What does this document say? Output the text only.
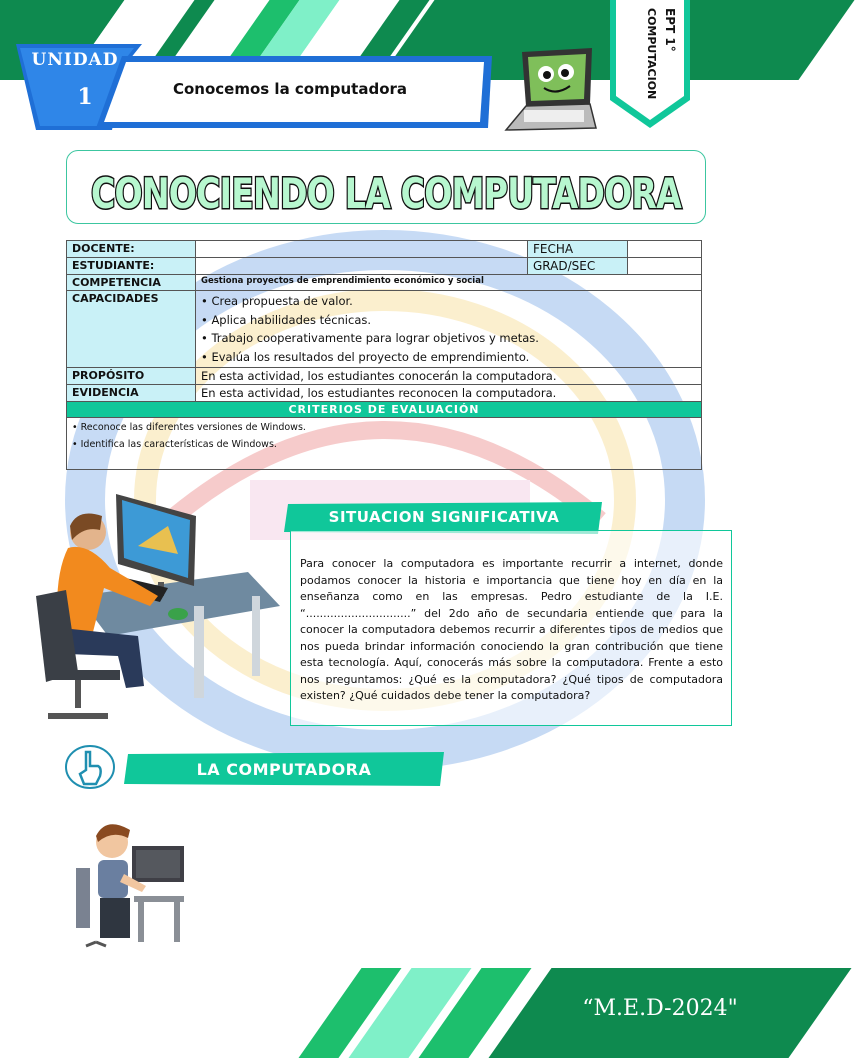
UNIDAD
1	Conocemos la computadora
EPT 1° COMPUTACION
CONOCIENDO LA COMPUTADORA
DOCENTE:		FECHA	
ESTUDIANTE:		GRAD/SEC	
COMPETENCIA	Gestiona proyectos de emprendimiento económico y social		
CAPACIDADES	• Crea propuesta de valor.
• Aplica habilidades técnicas.
• Trabajo cooperativamente para lograr objetivos y metas.
• Evalúa los resultados del proyecto de emprendimiento.		

PROPÓSITO	En esta actividad, los estudiantes conocerán la computadora.		
EVIDENCIA	En esta actividad, los estudiantes reconocen la computadora.		
CRITERIOS DE EVALUACIÓN			

• Reconoce las diferentes versiones de Windows.
• Identifica las características de Windows.			
SITUACION SIGNIFICATIVA
Para conocer la computadora es importante recurrir a internet, donde podamos conocer la historia e importancia que tiene hoy en día en la enseñanza como en las empresas. Pedro estudiante de la I.E. “..............................” del 2do año de secundaria entiende que para la conocer la computadora debemos recurrir a diferentes tipos de medios que nos pueda brindar información conociendo la gran contribución que tiene esta tecnología. Aquí, conocerás más sobre la computadora. Frente a esto nos preguntamos: ¿Qué es la computadora? ¿Qué tipos de computadora existen? ¿Qué cuidados debe tener la computadora?
LA COMPUTADORA
“M.E.D-2024"
